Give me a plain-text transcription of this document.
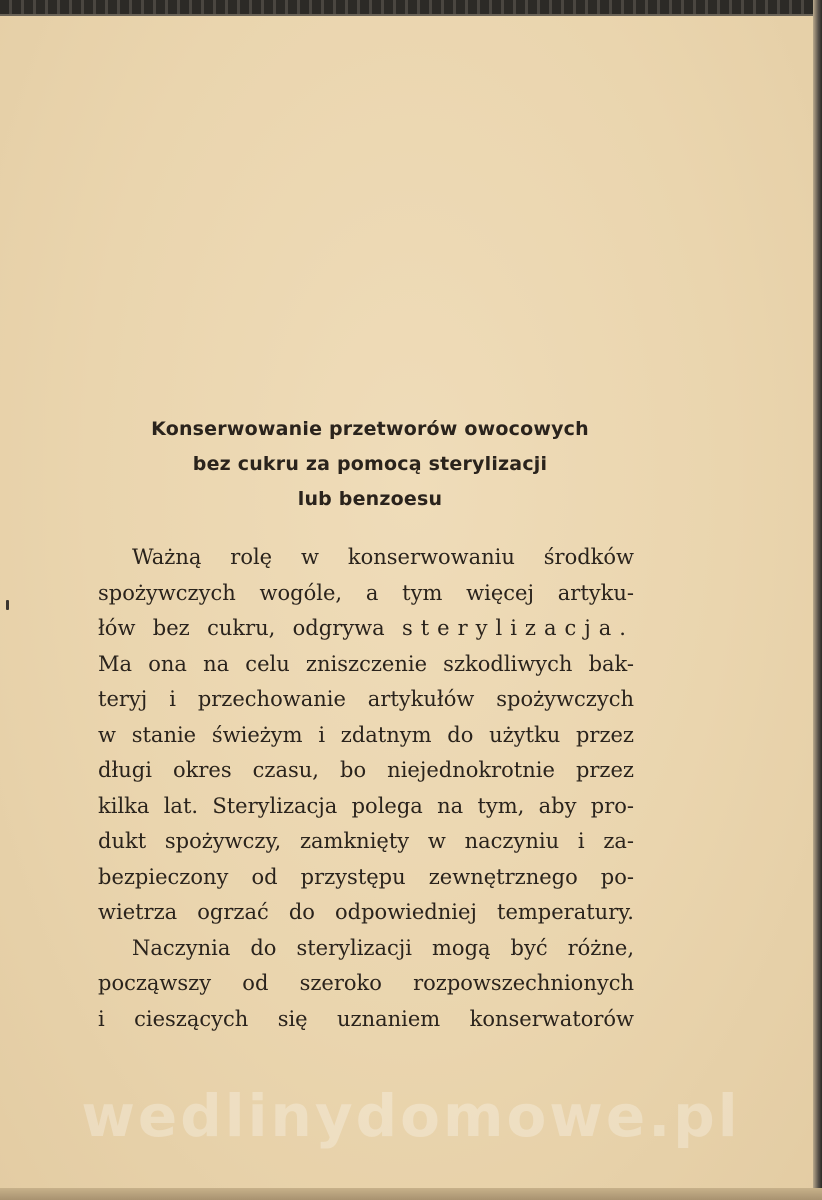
Konserwowanie przetworów owocowych
bez cukru za pomocą sterylizacji
lub benzoesu
Ważną rolę w konserwowaniu środków
spożywczych wogóle, a tym więcej artyku-
łów bez cukru, odgrywa sterylizacja.
Ma ona na celu zniszczenie szkodliwych bak-
teryj i przechowanie artykułów spożywczych
w stanie świeżym i zdatnym do użytku przez
długi okres czasu, bo niejednokrotnie przez
kilka lat. Sterylizacja polega na tym, aby pro-
dukt spożywczy, zamknięty w naczyniu i za-
bezpieczony od przystępu zewnętrznego po-
wietrza ogrzać do odpowiedniej temperatury.
Naczynia do sterylizacji mogą być różne,
począwszy od szeroko rozpowszechnionych
i cieszących się uznaniem konserwatorów
wedlinydomowe.pl
